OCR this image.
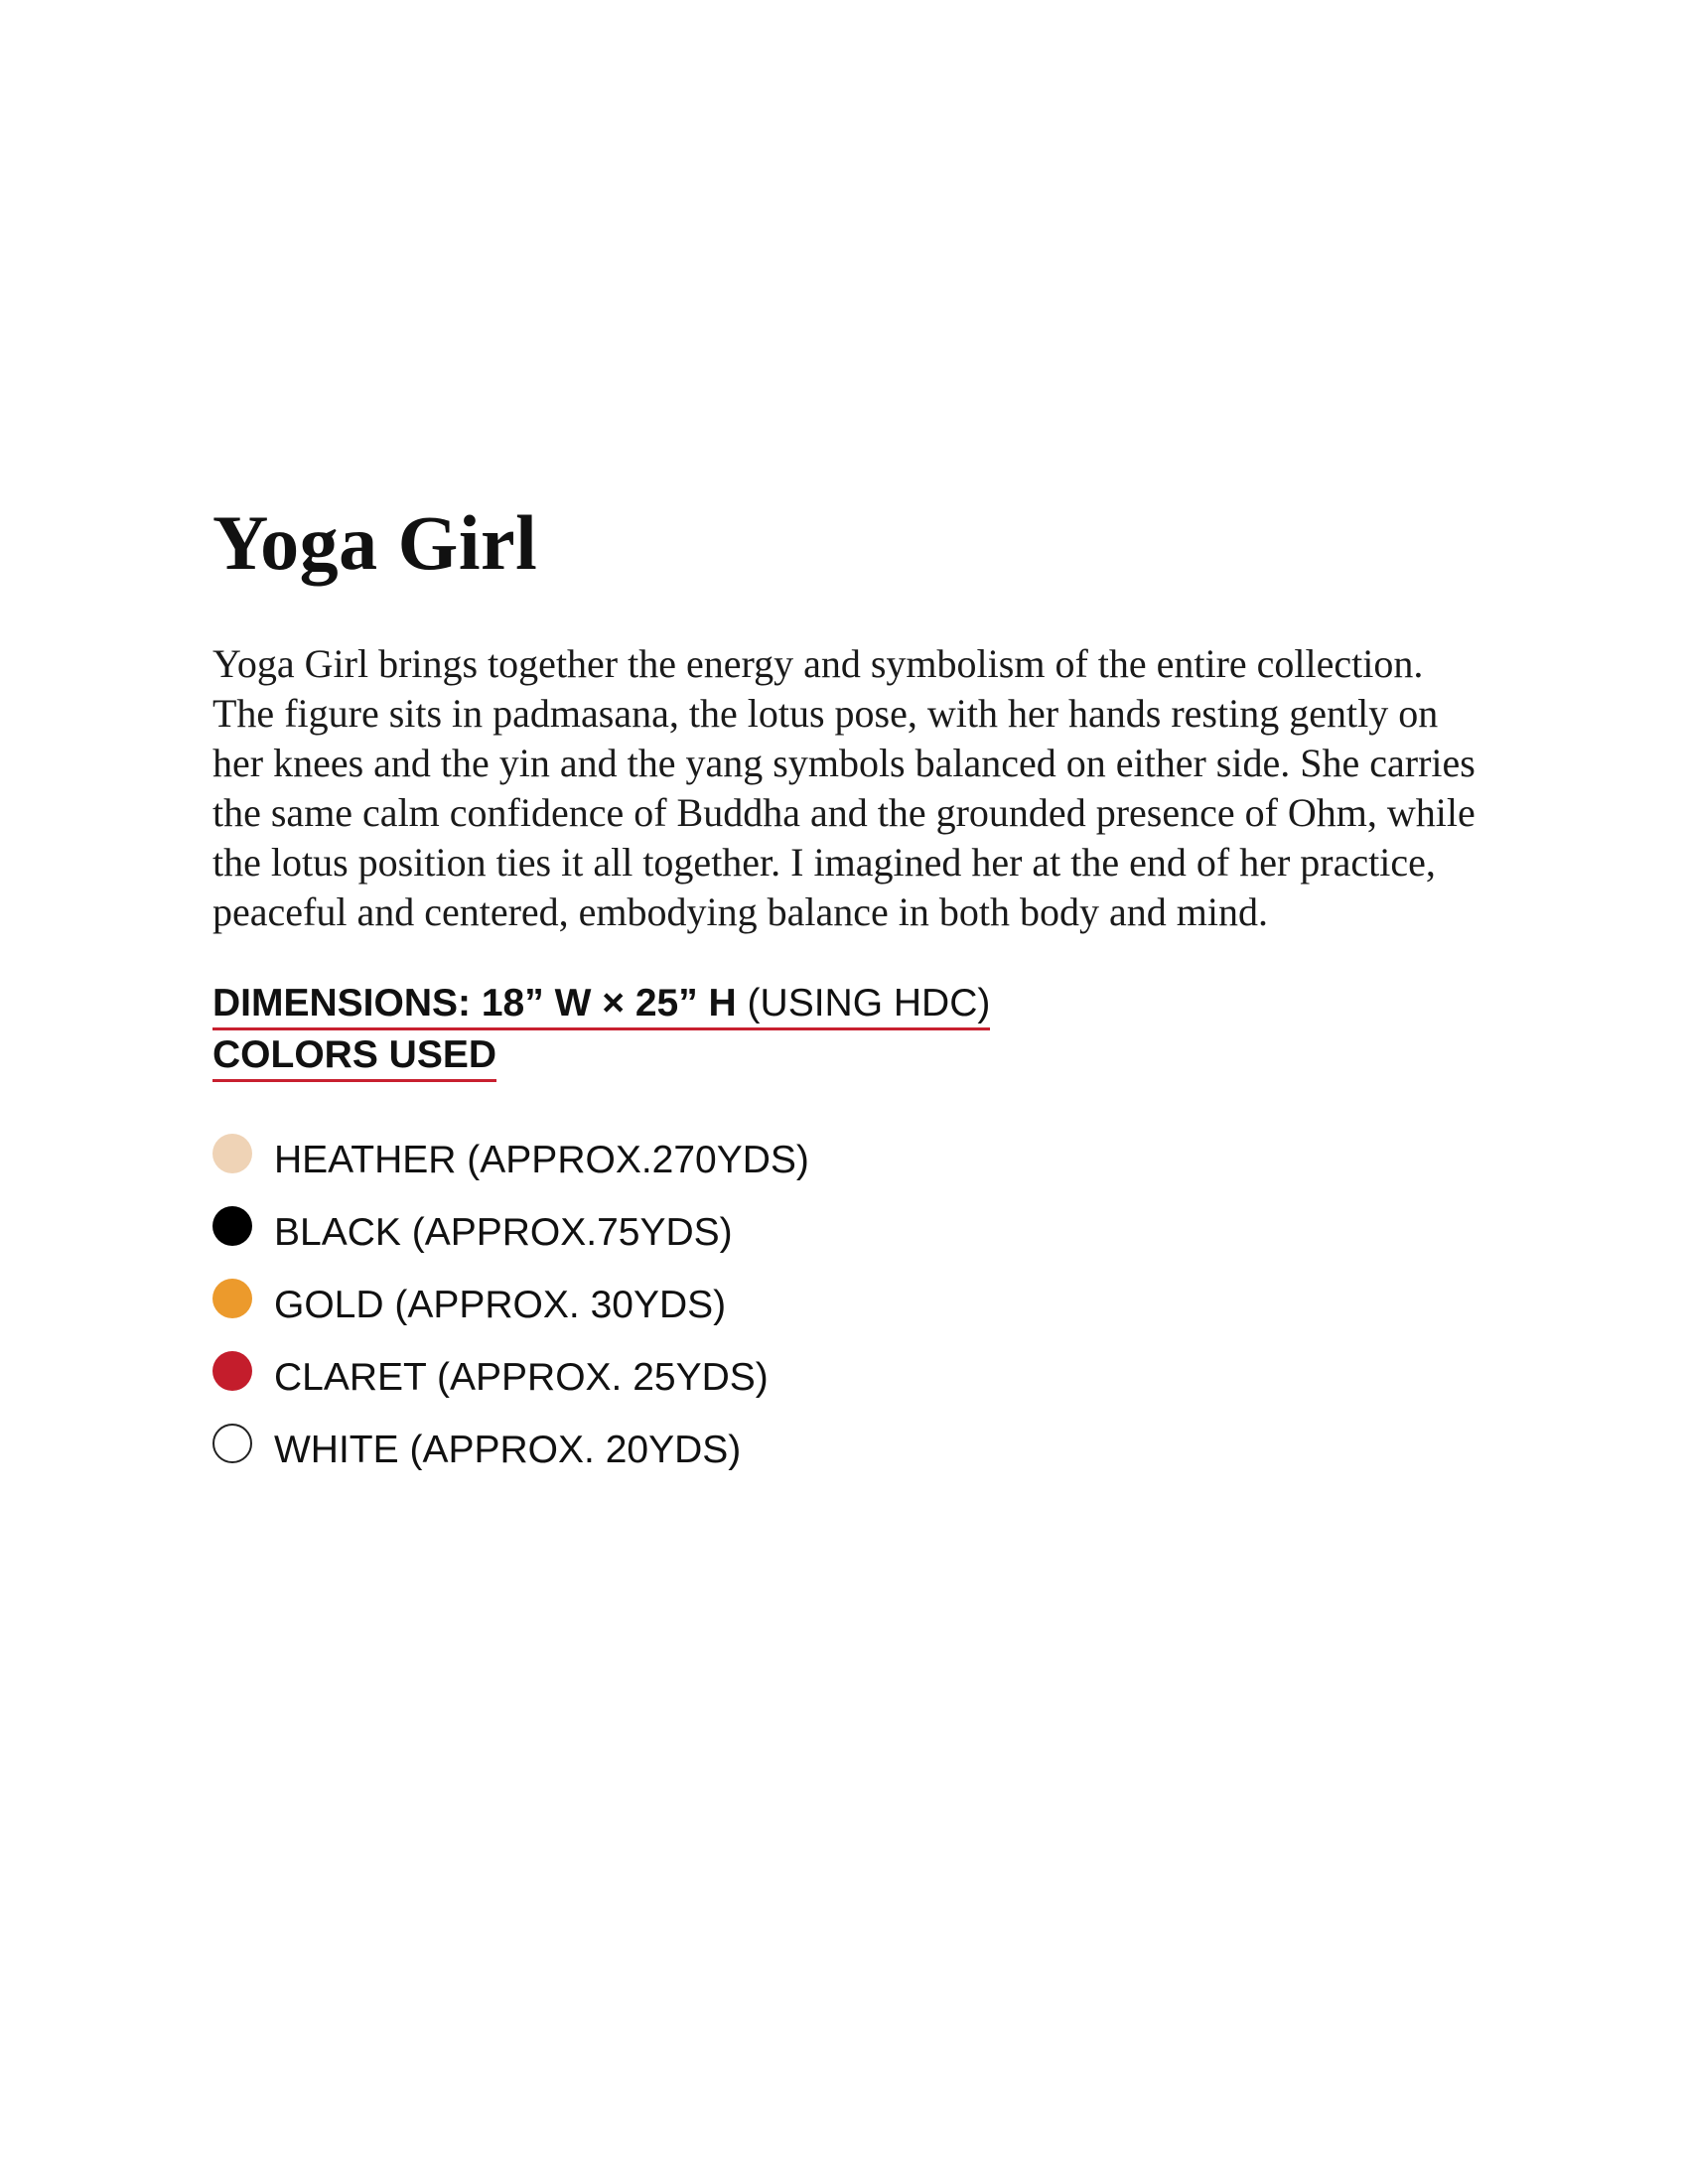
Yoga Girl

Yoga Girl brings together the energy and symbolism of the entire collection. The figure sits in padmasana, the lotus pose, with her hands resting gently on her knees and the yin and the yang symbols balanced on either side. She carries the same calm confidence of Buddha and the grounded presence of Ohm, while the lotus position ties it all together. I imagined her at the end of her practice, peaceful and centered, embodying balance in both body and mind.

DIMENSIONS: 18” W × 25” H (USING HDC)
COLORS USED
HEATHER (APPROX.270YDS)
BLACK (APPROX.75YDS)
GOLD (APPROX. 30YDS)
CLARET (APPROX. 25YDS)
WHITE (APPROX. 20YDS)
